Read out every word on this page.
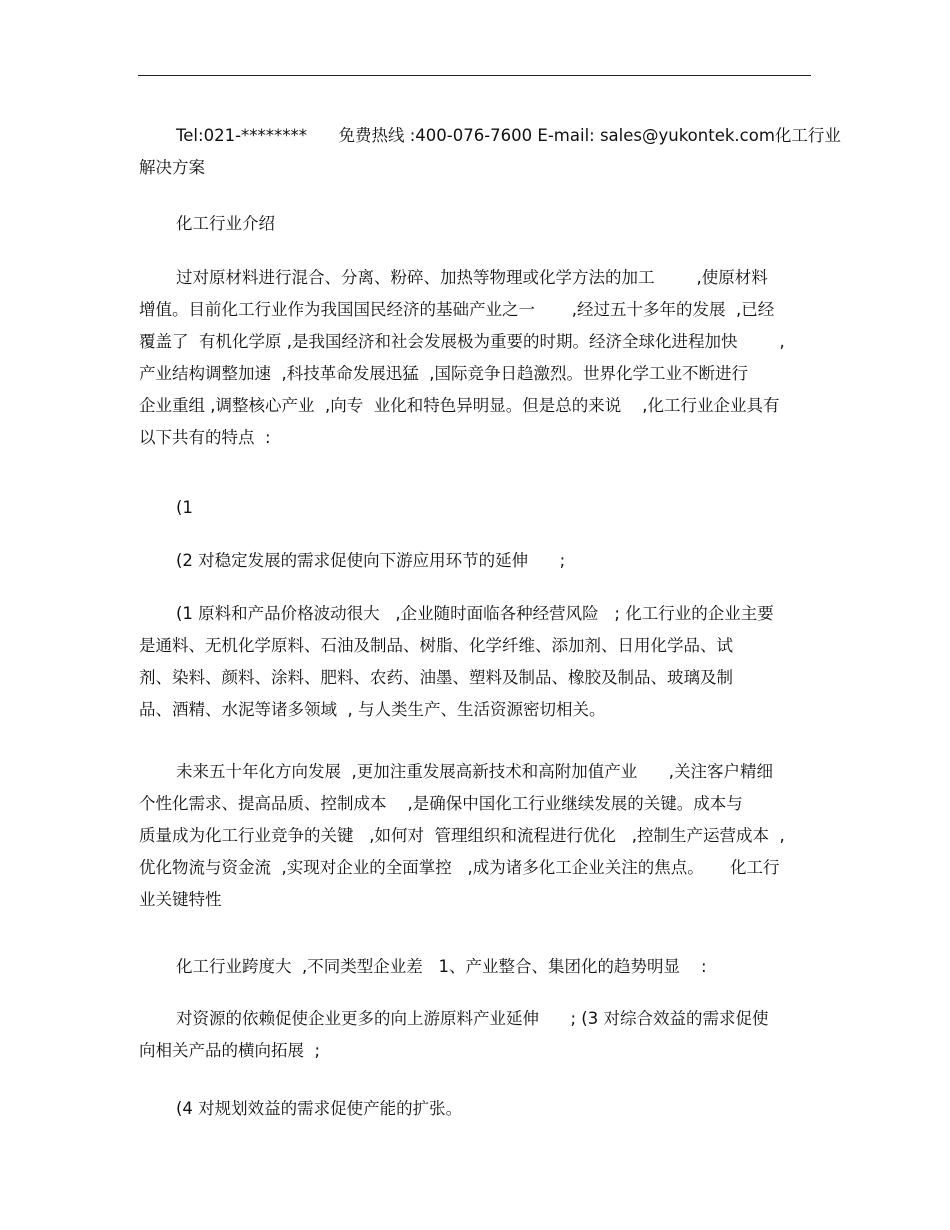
Tel:021-********      免费热线 :400-076-7600 E-mail: sales@yukontek.com化工行业
解决方案
化工行业介绍
过对原材料进行混合、分离、粉碎、加热等物理或化学方法的加工        ,使原材料
增值。目前化工行业作为我国国民经济的基础产业之一       ,经过五十多年的发展  ,已经
覆盖了  有机化学原 ,是我国经济和社会发展极为重要的时期。经济全球化进程加快        ,
产业结构调整加速  ,科技革命发展迅猛  ,国际竞争日趋激烈。世界化学工业不断进行
企业重组 ,调整核心产业  ,向专  业化和特色异明显。但是总的来说    ,化工行业企业具有
以下共有的特点  :
(1
(2 对稳定发展的需求促使向下游应用环节的延伸      ;
(1 原料和产品价格波动很大   ,企业随时面临各种经营风险   ; 化工行业的企业主要
是通料、无机化学原料、石油及制品、树脂、化学纤维、添加剂、日用化学品、试
剂、染料、颜料、涂料、肥料、农药、油墨、塑料及制品、橡胶及制品、玻璃及制
品、酒精、水泥等诸多领域  , 与人类生产、生活资源密切相关。
未来五十年化方向发展  ,更加注重发展高新技术和高附加值产业      ,关注客户精细
个性化需求、提高品质、控制成本    ,是确保中国化工行业继续发展的关键。成本与
质量成为化工行业竞争的关键   ,如何对  管理组织和流程进行优化   ,控制生产运营成本  ,
优化物流与资金流  ,实现对企业的全面掌控   ,成为诸多化工企业关注的焦点。     化工行
业关键特性
化工行业跨度大  ,不同类型企业差   1、产业整合、集团化的趋势明显    :
对资源的依赖促使企业更多的向上游原料产业延伸      ; (3 对综合效益的需求促使
向相关产品的横向拓展  ;
(4 对规划效益的需求促使产能的扩张。
